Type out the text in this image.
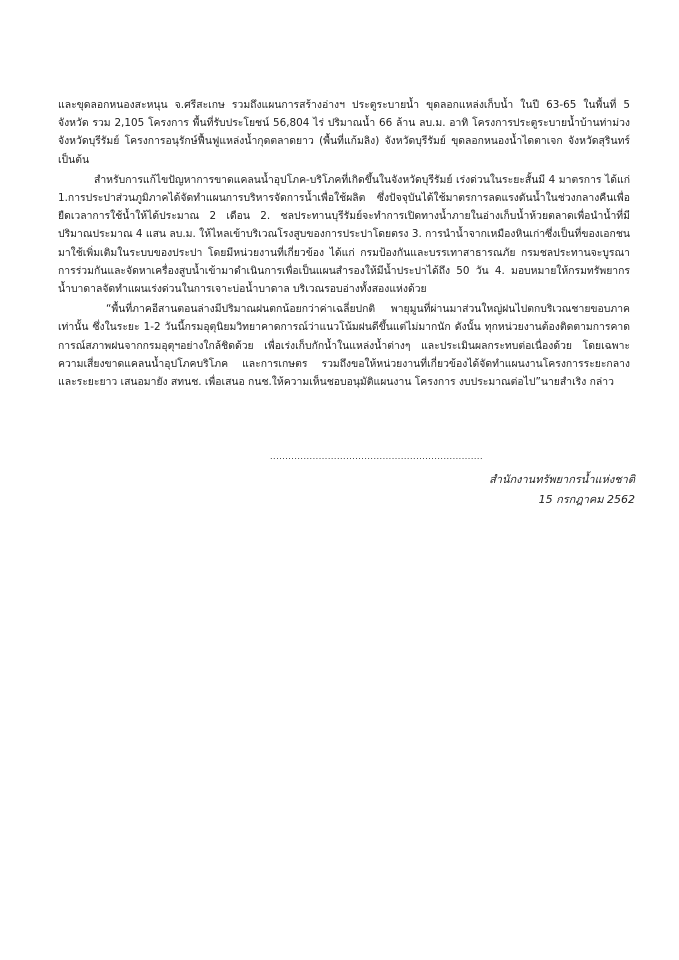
และขุดลอกหนองสะหนุน จ.ศรีสะเกษ รวมถึงแผนการสร้างอ่างฯ ประตูระบายน้ำ ขุดลอกแหล่งเก็บน้ำ ในปี 63-65 ในพื้นที่ 5 จังหวัด รวม 2,105 โครงการ พื้นที่รับประโยชน์ 56,804 ไร่ ปริมาณน้ำ 66 ล้าน ลบ.ม. อาทิ โครงการประตูระบายน้ำบ้านท่าม่วง จังหวัดบุรีรัมย์ โครงการอนุรักษ์ฟื้นฟูแหล่งน้ำกุดตลาดยาว (พื้นที่แก้มลิง) จังหวัดบุรีรัมย์ ขุดลอกหนองน้ำไดตาเจก จังหวัดสุรินทร์ เป็นต้น

สำหรับการแก้ไขปัญหาการขาดแคลนน้ำอุปโภค-บริโภคที่เกิดขึ้นในจังหวัดบุรีรัมย์ เร่งด่วนในระยะสั้นมี 4 มาตรการ ได้แก่ 1.การประปาส่วนภูมิภาคได้จัดทำแผนการบริหารจัดการน้ำเพื่อใช้ผลิต ซึ่งปัจจุบันได้ใช้มาตรการลดแรงดันน้ำในช่วงกลางคืนเพื่อยืดเวลาการใช้น้ำให้ได้ประมาณ 2 เดือน 2. ชลประทานบุรีรัมย์จะทำการเปิดทางน้ำภายในอ่างเก็บน้ำห้วยตลาดเพื่อนำน้ำที่มีปริมาณประมาณ 4 แสน ลบ.ม. ให้ไหลเข้าบริเวณโรงสูบของการประปาโดยตรง 3. การนำน้ำจากเหมืองหินเก่าซึ่งเป็นที่ของเอกชนมาใช้เพิ่มเติมในระบบของประปา โดยมีหน่วยงานที่เกี่ยวข้อง ได้แก่ กรมป้องกันและบรรเทาสาธารณภัย กรมชลประทานจะบูรณาการร่วมกันและจัดหาเครื่องสูบน้ำเข้ามาดำเนินการเพื่อเป็นแผนสำรองให้มีน้ำประปาได้ถึง 50 วัน 4. มอบหมายให้กรมทรัพยากรน้ำบาดาลจัดทำแผนเร่งด่วนในการเจาะบ่อน้ำบาดาล บริเวณรอบอ่างทั้งสองแห่งด้วย

“พื้นที่ภาคอีสานตอนล่างมีปริมาณฝนตกน้อยกว่าค่าเฉลี่ยปกติ พายุมูนที่ผ่านมาส่วนใหญ่ฝนไปตกบริเวณชายขอบภาคเท่านั้น ซึ่งในระยะ 1-2 วันนี้กรมอุตุนิยมวิทยาคาดการณ์ว่าแนวโน้มฝนดีขึ้นแต่ไม่มากนัก ดังนั้น ทุกหน่วยงานต้องติดตามการคาดการณ์สภาพฝนจากกรมอุตุฯอย่างใกล้ชิดด้วย เพื่อเร่งเก็บกักน้ำในแหล่งน้ำต่างๆ และประเมินผลกระทบต่อเนื่องด้วย โดยเฉพาะความเสี่ยงขาดแคลนน้ำอุปโภคบริโภค และการเกษตร รวมถึงขอให้หน่วยงานที่เกี่ยวข้องได้จัดทำแผนงานโครงการระยะกลาง และระยะยาว เสนอมายัง สทนช. เพื่อเสนอ กนช.ให้ความเห็นชอบอนุมัติแผนงาน โครงการ งบประมาณต่อไป”นายสำเริง กล่าว

......................................................................
สำนักงานทรัพยากรน้ำแห่งชาติ
15 กรกฎาคม 2562
